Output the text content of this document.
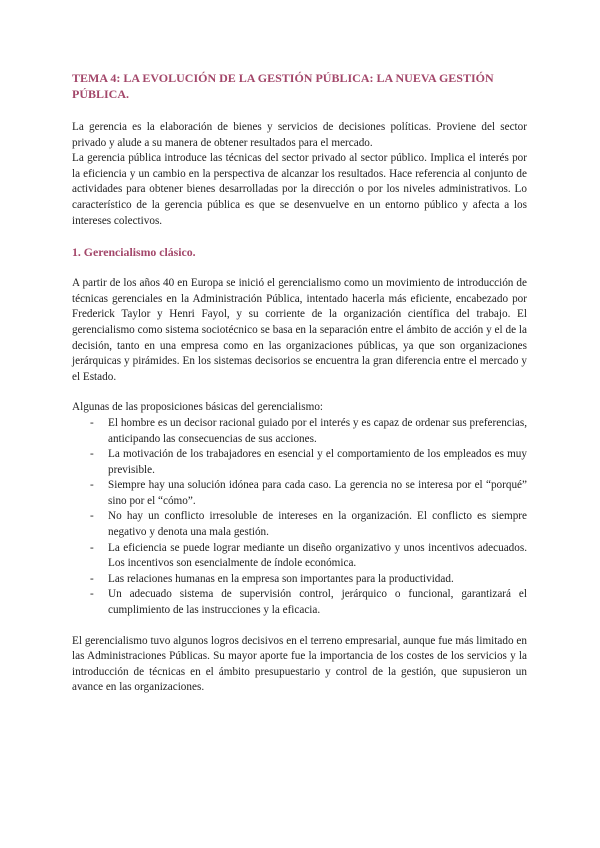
TEMA 4: LA EVOLUCIÓN DE LA GESTIÓN PÚBLICA: LA NUEVA GESTIÓN PÚBLICA.

La gerencia es la elaboración de bienes y servicios de decisiones políticas. Proviene del sector privado y alude a su manera de obtener resultados para el mercado.

La gerencia pública introduce las técnicas del sector privado al sector público. Implica el interés por la eficiencia y un cambio en la perspectiva de alcanzar los resultados. Hace referencia al conjunto de actividades para obtener bienes desarrolladas por la dirección o por los niveles administrativos. Lo característico de la gerencia pública es que se desenvuelve en un entorno público y afecta a los intereses colectivos.

1. Gerencialismo clásico.

A partir de los años 40 en Europa se inició el gerencialismo como un movimiento de introducción de técnicas gerenciales en la Administración Pública, intentado hacerla más eficiente, encabezado por Frederick Taylor y Henri Fayol, y su corriente de la organización científica del trabajo. El gerencialismo como sistema sociotécnico se basa en la separación entre el ámbito de acción y el de la decisión, tanto en una empresa como en las organizaciones públicas, ya que son organizaciones jerárquicas y pirámides. En los sistemas decisorios se encuentra la gran diferencia entre el mercado y el Estado.

Algunas de las proposiciones básicas del gerencialismo:

- El hombre es un decisor racional guiado por el interés y es capaz de ordenar sus preferencias, anticipando las consecuencias de sus acciones.
- La motivación de los trabajadores en esencial y el comportamiento de los empleados es muy previsible.
- Siempre hay una solución idónea para cada caso. La gerencia no se interesa por el “porqué” sino por el “cómo”.
- No hay un conflicto irresoluble de intereses en la organización. El conflicto es siempre negativo y denota una mala gestión.
- La eficiencia se puede lograr mediante un diseño organizativo y unos incentivos adecuados. Los incentivos son esencialmente de índole económica.
- Las relaciones humanas en la empresa son importantes para la productividad.
- Un adecuado sistema de supervisión control, jerárquico o funcional, garantizará el cumplimiento de las instrucciones y la eficacia.

El gerencialismo tuvo algunos logros decisivos en el terreno empresarial, aunque fue más limitado en las Administraciones Públicas. Su mayor aporte fue la importancia de los costes de los servicios y la introducción de técnicas en el ámbito presupuestario y control de la gestión, que supusieron un avance en las organizaciones.
